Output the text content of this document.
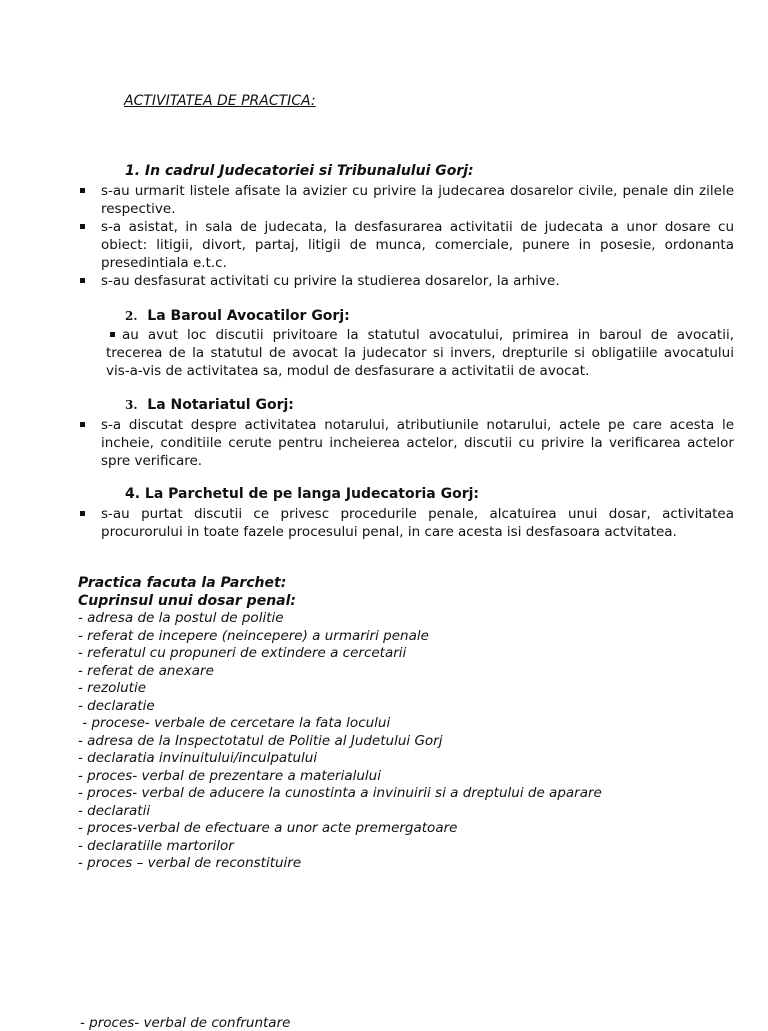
ACTIVITATEA DE PRACTICA:
1. In cadrul Judecatoriei si Tribunalului Gorj:
s-au urmarit listele afisate la avizier cu privire la judecarea dosarelor civile, penale din zilele respective.
s-a asistat, in sala de judecata, la desfasurarea activitatii de judecata a unor dosare cu obiect: litigii, divort, partaj, litigii de munca, comerciale, punere in posesie, ordonanta presedintiala e.t.c.
s-au desfasurat activitati cu privire la studierea dosarelor, la arhive.
2. La Baroul Avocatilor Gorj:
au avut loc discutii privitoare la statutul avocatului, primirea in baroul de avocatii, trecerea de la statutul de avocat la judecator si invers, drepturile si obligatiile avocatului vis-a-vis de activitatea sa, modul de desfasurare a activitatii de avocat.
3. La Notariatul Gorj:
s-a discutat despre activitatea notarului, atributiunile notarului, actele pe care acesta le incheie, conditiile cerute pentru incheierea actelor, discutii cu privire la verificarea actelor spre verificare.
4. La Parchetul de pe langa Judecatoria Gorj:
s-au purtat discutii ce privesc procedurile penale, alcatuirea unui dosar, activitatea procurorului in toate fazele procesului penal, in care acesta isi desfasoara actvitatea.
Practica facuta la Parchet:
Cuprinsul unui dosar penal:
- adresa de la postul de politie
- referat de incepere (neincepere) a urmariri penale
- referatul cu propuneri de extindere a cercetarii
- referat de anexare
- rezolutie
- declaratie
- procese- verbale de cercetare la fata locului
- adresa de la Inspectotatul de Politie al Judetului Gorj
- declaratia invinuitului/inculpatului
- proces- verbal de prezentare a materialului
- proces- verbal de aducere la cunostinta a invinuirii si a dreptului de aparare
- declaratii
- proces-verbal de efectuare a unor acte premergatoare
- declaratiile martorilor
- proces – verbal de reconstituire
- proces- verbal de confruntare
